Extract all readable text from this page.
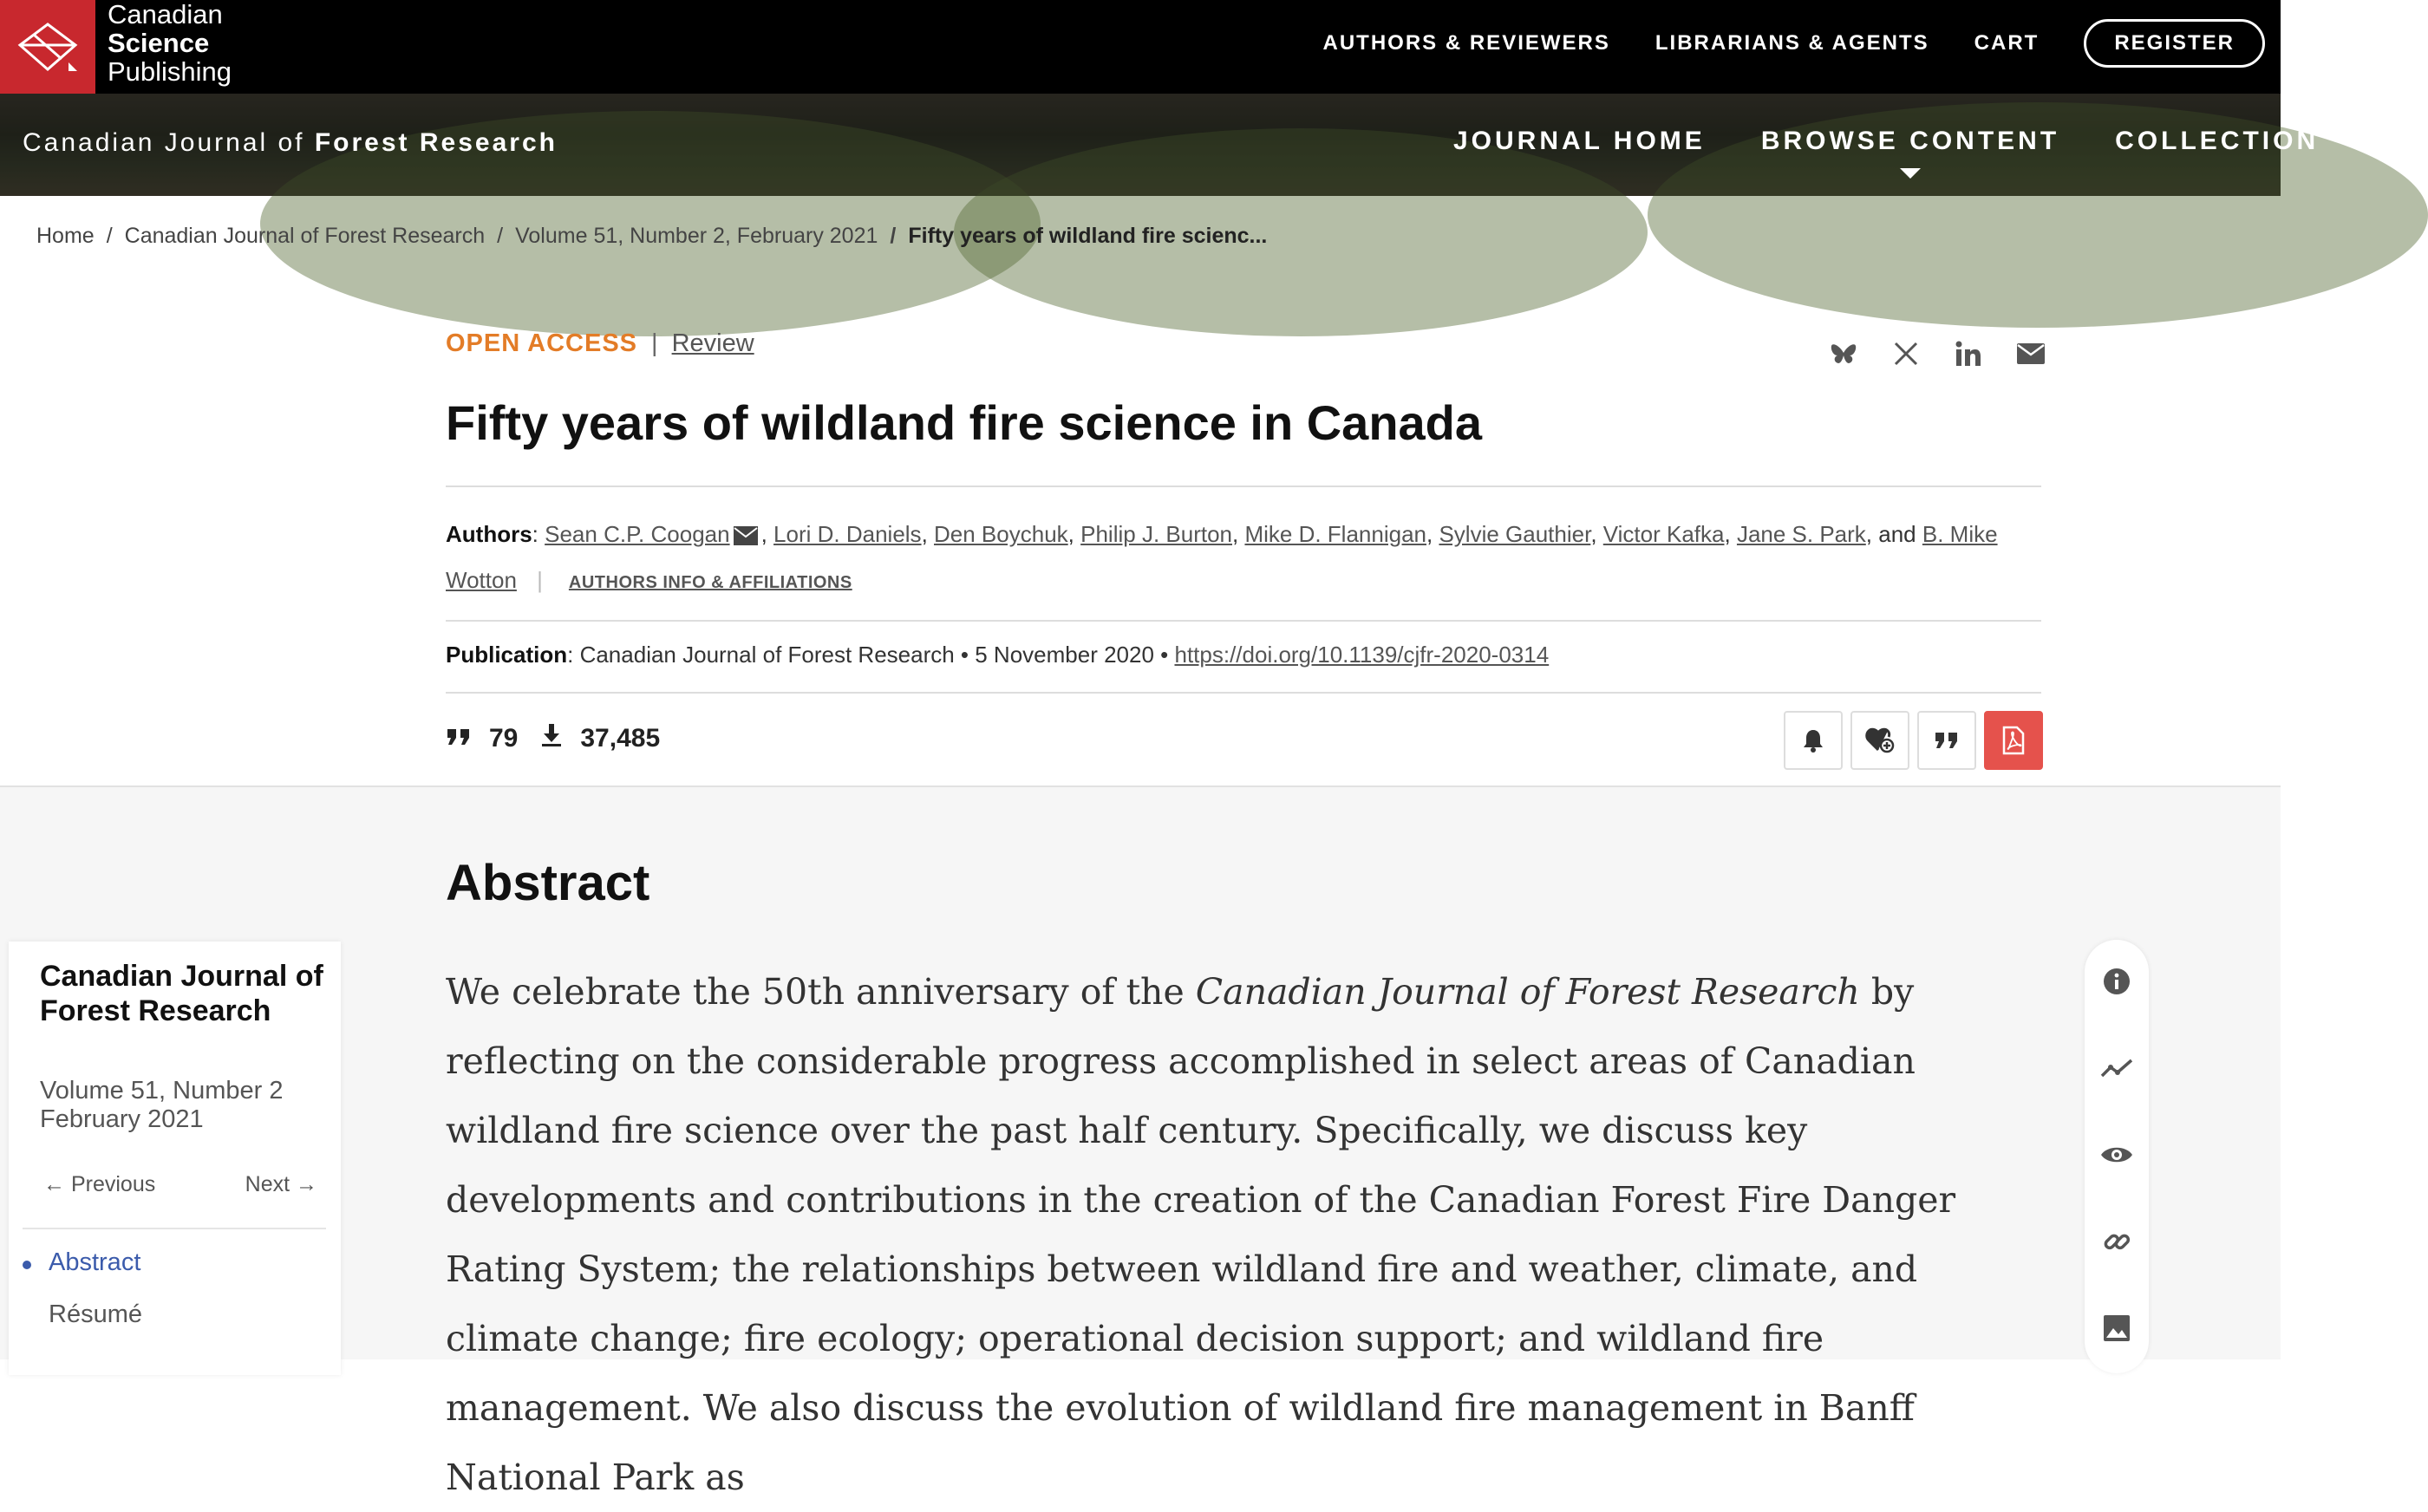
Canadian
Science
Publishing
AUTHORS & REVIEWERS LIBRARIANS & AGENTS CART	REGISTER
Canadian Journal of Forest Research	JOURNAL HOME BROWSE CONTENT COLLECTION
Home / Canadian Journal of Forest Research / Volume 51, Number 2, February 2021 / Fifty years of wildland fire scienc...
OPEN ACCESS | Review
Fifty years of wildland fire science in Canada
Authors: Sean C.P. Coogan , Lori D. Daniels, Den Boychuk, Philip J. Burton, Mike D. Flannigan, Sylvie Gauthier, Victor Kafka, Jane S. Park, and B. Mike Wotton | AUTHORS INFO & AFFILIATIONS
Publication: Canadian Journal of Forest Research • 5 November 2020 • https://doi.org/10.1139/cjfr-2020-0314
79 37,485
Abstract
We celebrate the 50th anniversary of the Canadian Journal of Forest Research by reflecting on the considerable progress accomplished in select areas of Canadian wildland fire science over the past half century. Specifically, we discuss key developments and contributions in the creation of the Canadian Forest Fire Danger Rating System; the relationships between wildland fire and weather, climate, and climate change; fire ecology; operational decision support; and wildland fire management. We also discuss the evolution of wildland fire management in Banff National Park as
Canadian Journal of Forest Research
Volume 51, Number 2
February 2021
← Previous	Next →
Abstract
Résumé
